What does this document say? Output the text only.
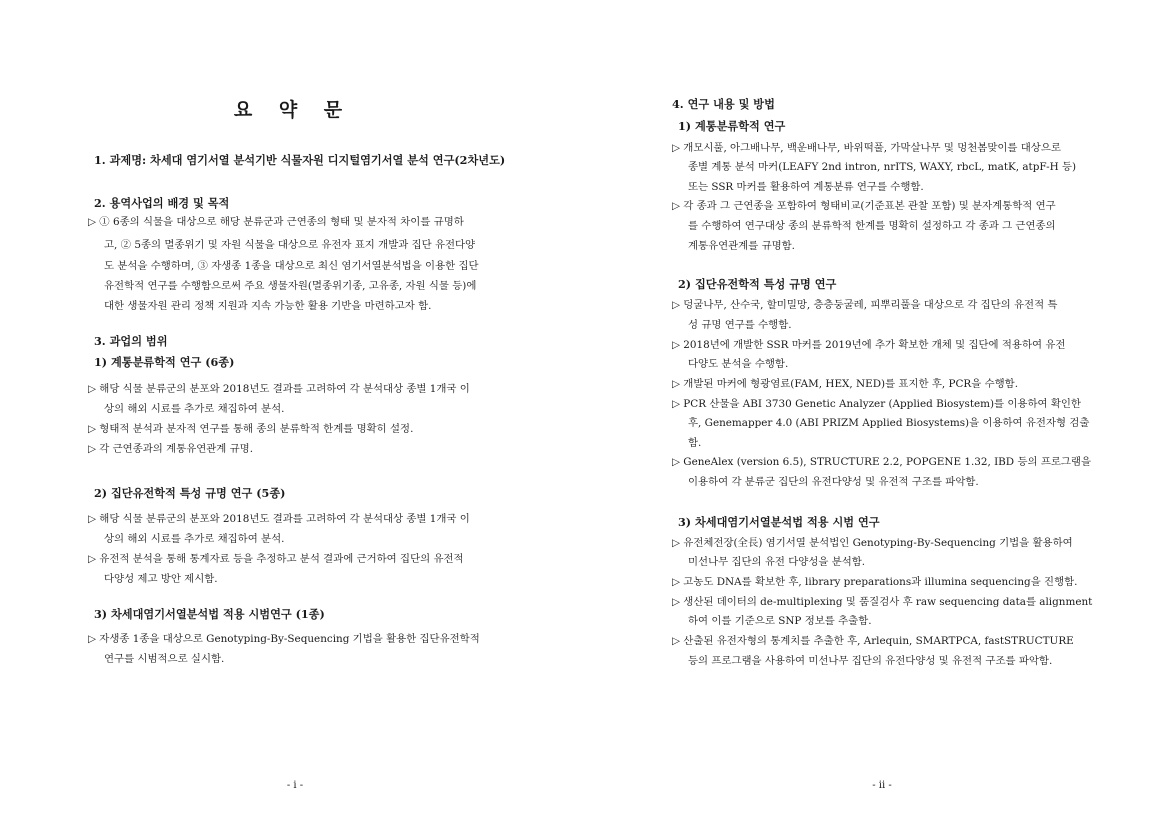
요 약 문
1. 과제명: 차세대 염기서열 분석기반 식물자원 디지털염기서열 분석 연구(2차년도)
2. 용역사업의 배경 및 목적
▷ ① 6종의 식물을 대상으로 해당 분류군과 근연종의 형태 및 분자적 차이를 규명하
고, ② 5종의 멸종위기 및 자원 식물을 대상으로 유전자 표지 개발과 집단 유전다양
도 분석을 수행하며, ③ 자생종 1종을 대상으로 최신 염기서열분석법을 이용한 집단
유전학적 연구를 수행함으로써 주요 생물자원(멸종위기종, 고유종, 자원 식물 등)에
대한 생물자원 관리 정책 지원과 지속 가능한 활용 기반을 마련하고자 함.
3. 과업의 범위
1) 계통분류학적 연구 (6종)
▷ 해당 식물 분류군의 분포와 2018년도 결과를 고려하여 각 분석대상 종별 1개국 이
상의 해외 시료를 추가로 채집하여 분석.
▷ 형태적 분석과 분자적 연구를 통해 종의 분류학적 한계를 명확히 설정.
▷ 각 근연종과의 계통유연관계 규명.
2) 집단유전학적 특성 규명 연구 (5종)
▷ 해당 식물 분류군의 분포와 2018년도 결과를 고려하여 각 분석대상 종별 1개국 이
상의 해외 시료를 추가로 채집하여 분석.
▷ 유전적 분석을 통해 통계자료 등을 추정하고 분석 결과에 근거하여 집단의 유전적
다양성 제고 방안 제시함.
3) 차세대염기서열분석법 적용 시범연구 (1종)
▷ 자생종 1종을 대상으로 Genotyping-By-Sequencing 기법을 활용한 집단유전학적
연구를 시범적으로 실시함.
- i -
4. 연구 내용 및 방법
1) 계통분류학적 연구
▷ 개모시풀, 아그배나무, 백운배나무, 바위떡풀, 가막살나무 및 멍천봄맞이를 대상으로
종별 계통 분석 마커(LEAFY 2nd intron, nrITS, WAXY, rbcL, matK, atpF-H 등)
또는 SSR 마커를 활용하여 계통분류 연구를 수행함.
▷ 각 종과 그 근연종을 포함하여 형태비교(기준표본 관찰 포함) 및 분자계통학적 연구
를 수행하여 연구대상 종의 분류학적 한계를 명확히 설정하고 각 종과 그 근연종의
계통유연관계를 규명함.
2) 집단유전학적 특성 규명 연구
▷ 덩굴나무, 산수국, 할미밀망, 층층둥굴레, 피뿌리풀을 대상으로 각 집단의 유전적 특
성 규명 연구를 수행함.
▷ 2018년에 개발한 SSR 마커를 2019년에 추가 확보한 개체 및 집단에 적용하여 유전
다양도 분석을 수행함.
▷ 개발된 마커에 형광염료(FAM, HEX, NED)를 표지한 후, PCR을 수행함.
▷ PCR 산물을 ABI 3730 Genetic Analyzer (Applied Biosystem)를 이용하여 확인한
후, Genemapper 4.0 (ABI PRIZM Applied Biosystems)을 이용하여 유전자형 검출
함.
▷ GeneAlex (version 6.5), STRUCTURE 2.2, POPGENE 1.32, IBD 등의 프로그램을
이용하여 각 분류군 집단의 유전다양성 및 유전적 구조를 파악함.
3) 차세대염기서열분석법 적용 시범 연구
▷ 유전체전장(全長) 염기서열 분석법인 Genotyping-By-Sequencing 기법을 활용하여
미선나무 집단의 유전 다양성을 분석함.
▷ 고농도 DNA를 확보한 후, library preparations과 illumina sequencing을 진행함.
▷ 생산된 데이터의 de-multiplexing 및 품질검사 후 raw sequencing data를 alignment
하여 이를 기준으로 SNP 정보를 추출함.
▷ 산출된 유전자형의 통계치를 추출한 후, Arlequin, SMARTPCA, fastSTRUCTURE
등의 프로그램을 사용하여 미선나무 집단의 유전다양성 및 유전적 구조를 파악함.
- ii -
